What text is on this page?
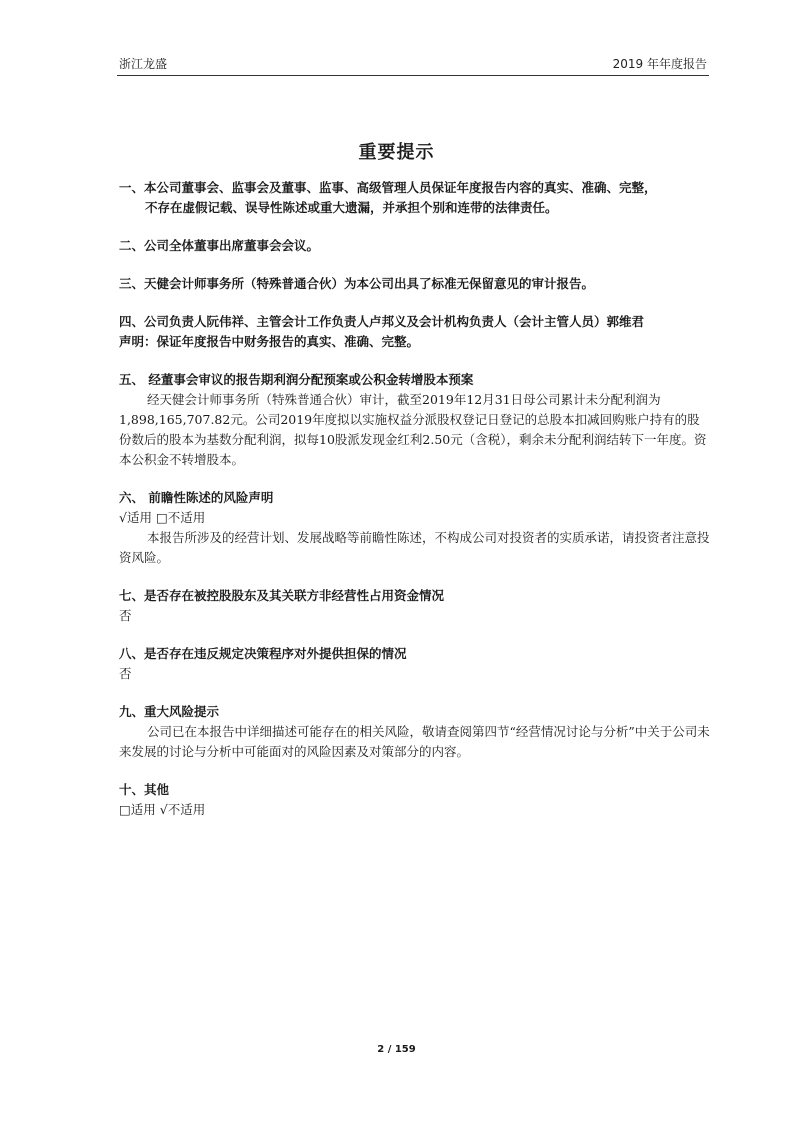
浙江龙盛	2019 年年度报告
重要提示

一、本公司董事会、监事会及董事、监事、高级管理人员保证年度报告内容的真实、准确、完整，

不存在虚假记载、误导性陈述或重大遗漏，并承担个别和连带的法律责任。

二、公司全体董事出席董事会会议。

三、天健会计师事务所（特殊普通合伙）为本公司出具了标准无保留意见的审计报告。

四、公司负责人阮伟祥、主管会计工作负责人卢邦义及会计机构负责人（会计主管人员）郭维君

声明：保证年度报告中财务报告的真实、准确、完整。

五、 经董事会审议的报告期利润分配预案或公积金转增股本预案

经天健会计师事务所（特殊普通合伙）审计，截至2019年12月31日母公司累计未分配利润为1,898,165,707.82元。公司2019年度拟以实施权益分派股权登记日登记的总股本扣减回购账户持有的股份数后的股本为基数分配利润，拟每10股派发现金红利2.50元（含税），剩余未分配利润结转下一年度。资本公积金不转增股本。

六、 前瞻性陈述的风险声明

√适用 □不适用

本报告所涉及的经营计划、发展战略等前瞻性陈述，不构成公司对投资者的实质承诺，请投资者注意投资风险。

七、是否存在被控股股东及其关联方非经营性占用资金情况

否

八、是否存在违反规定决策程序对外提供担保的情况

否

九、重大风险提示

公司已在本报告中详细描述可能存在的相关风险，敬请查阅第四节“经营情况讨论与分析”中关于公司未来发展的讨论与分析中可能面对的风险因素及对策部分的内容。

十、其他

□适用 √不适用

2 / 159
